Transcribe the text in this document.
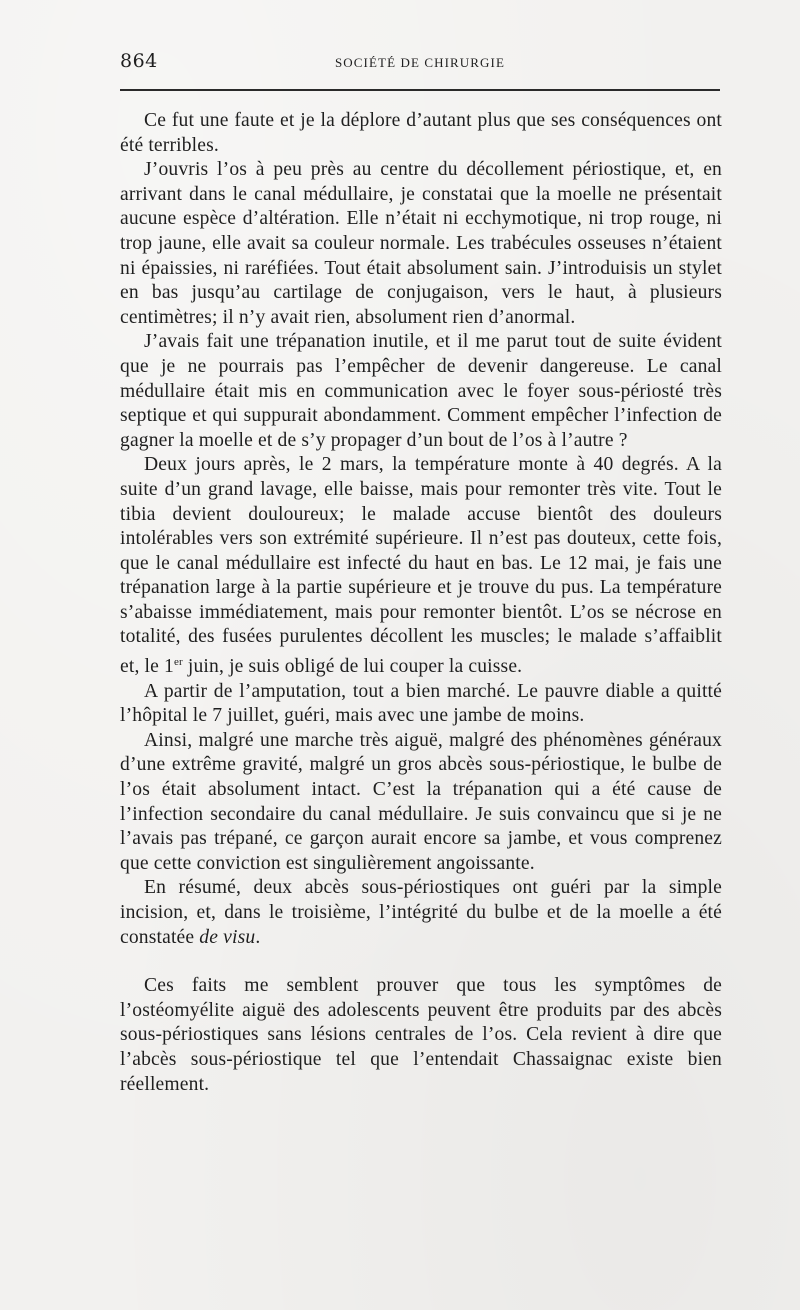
864	SOCIÉTÉ DE CHIRURGIE

Ce fut une faute et je la déplore d’autant plus que ses conséquences ont été terribles.

J’ouvris l’os à peu près au centre du décollement périostique, et, en arrivant dans le canal médullaire, je constatai que la moelle ne présentait aucune espèce d’altération. Elle n’était ni ecchymotique, ni trop rouge, ni trop jaune, elle avait sa couleur normale. Les trabécules osseuses n’étaient ni épaissies, ni raréfiées. Tout était absolument sain. J’introduisis un stylet en bas jusqu’au cartilage de conjugaison, vers le haut, à plusieurs centimètres; il n’y avait rien, absolument rien d’anormal.

J’avais fait une trépanation inutile, et il me parut tout de suite évident que je ne pourrais pas l’empêcher de devenir dangereuse. Le canal médullaire était mis en communication avec le foyer sous-périosté très septique et qui suppurait abondamment. Comment empêcher l’infection de gagner la moelle et de s’y propager d’un bout de l’os à l’autre ?

Deux jours après, le 2 mars, la température monte à 40 degrés. A la suite d’un grand lavage, elle baisse, mais pour remonter très vite. Tout le tibia devient douloureux; le malade accuse bientôt des douleurs intolérables vers son extrémité supérieure. Il n’est pas douteux, cette fois, que le canal médullaire est infecté du haut en bas. Le 12 mai, je fais une trépanation large à la partie supérieure et je trouve du pus. La température s’abaisse immédiatement, mais pour remonter bientôt. L’os se nécrose en totalité, des fusées purulentes décollent les muscles; le malade s’affaiblit et, le 1er juin, je suis obligé de lui couper la cuisse.

A partir de l’amputation, tout a bien marché. Le pauvre diable a quitté l’hôpital le 7 juillet, guéri, mais avec une jambe de moins.

Ainsi, malgré une marche très aiguë, malgré des phénomènes généraux d’une extrême gravité, malgré un gros abcès sous-périostique, le bulbe de l’os était absolument intact. C’est la trépanation qui a été cause de l’infection secondaire du canal médullaire. Je suis convaincu que si je ne l’avais pas trépané, ce garçon aurait encore sa jambe, et vous comprenez que cette conviction est singulièrement angoissante.

En résumé, deux abcès sous-périostiques ont guéri par la simple incision, et, dans le troisième, l’intégrité du bulbe et de la moelle a été constatée de visu.

Ces faits me semblent prouver que tous les symptômes de l’ostéomyélite aiguë des adolescents peuvent être produits par des abcès sous-périostiques sans lésions centrales de l’os. Cela revient à dire que l’abcès sous-périostique tel que l’entendait Chassaignac existe bien réellement.
